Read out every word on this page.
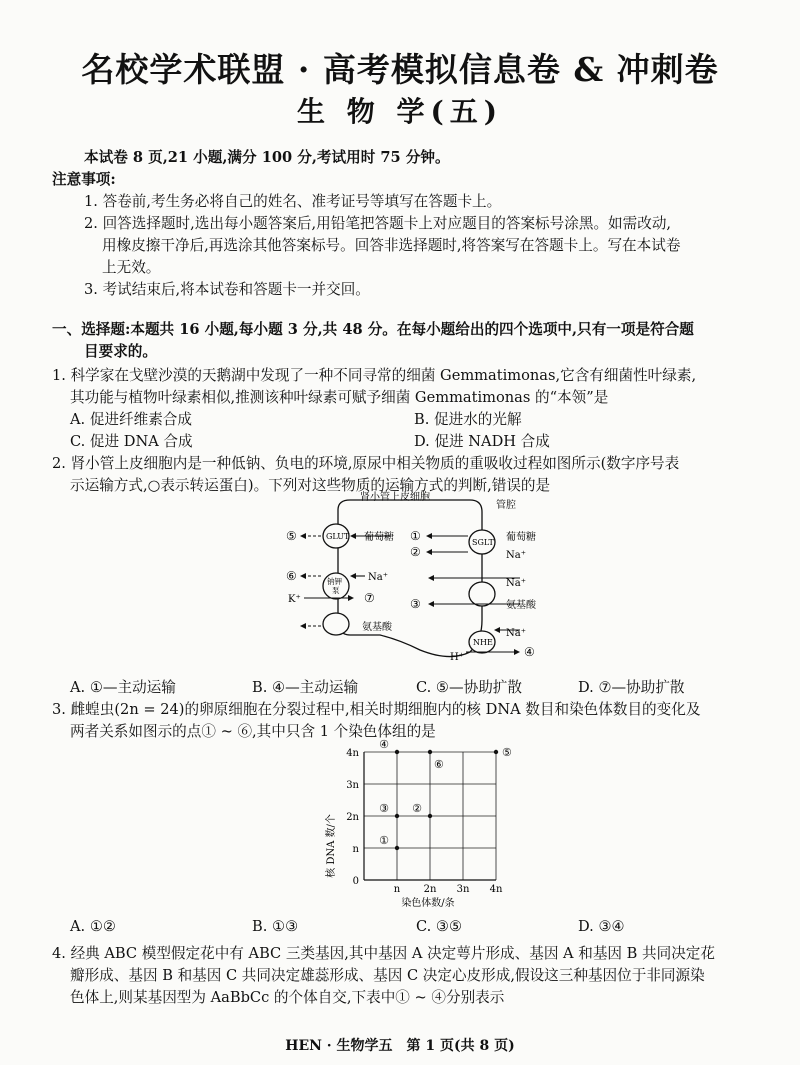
名校学术联盟 · 高考模拟信息卷 & 冲刺卷
生 物 学(五)
本试卷 8 页,21 小题,满分 100 分,考试用时 75 分钟。
注意事项:
1. 答卷前,考生务必将自己的姓名、准考证号等填写在答题卡上。
2. 回答选择题时,选出每小题答案后,用铅笔把答题卡上对应题目的答案标号涂黑。如需改动,
用橡皮擦干净后,再选涂其他答案标号。回答非选择题时,将答案写在答题卡上。写在本试卷
上无效。
3. 考试结束后,将本试卷和答题卡一并交回。
一、选择题:本题共 16 小题,每小题 3 分,共 48 分。在每小题给出的四个选项中,只有一项是符合题
目要求的。
1. 科学家在戈壁沙漠的天鹅湖中发现了一种不同寻常的细菌 Gemmatimonas,它含有细菌性叶绿素,
其功能与植物叶绿素相似,推测该种叶绿素可赋予细菌 Gemmatimonas 的“本领”是
A. 促进纤维素合成	B. 促进水的光解
C. 促进 DNA 合成	D. 促进 NADH 合成
2. 肾小管上皮细胞内是一种低钠、负电的环境,原尿中相关物质的重吸收过程如图所示(数字序号表
示运输方式,○表示转运蛋白)。下列对这些物质的运输方式的判断,错误的是
肾小管上皮细胞
管腔
GLUT
SGLT
钠钾
泵
NHE
⑤	葡萄糖 ①	葡萄糖
②	Na⁺
⑥	Na⁺
Na⁺
K⁺	⑦	③	氨基酸
氨基酸
Na⁺
H⁺	④
A. ①—主动运输	B. ④—主动运输	C. ⑤—协助扩散	D. ⑦—协助扩散
3. 雌蝗虫(2n = 24)的卵原细胞在分裂过程中,相关时期细胞内的核 DNA 数目和染色体数目的变化及
两者关系如图示的点① ~ ⑥,其中只含 1 个染色体组的是
n 2n 3n 4n
0
n
2n
3n
4n
①
②
③
④
⑤
⑥
核 DNA 数/个
染色体数/条
A. ①②	B. ①③	C. ③⑤	D. ③④
4. 经典 ABC 模型假定花中有 ABC 三类基因,其中基因 A 决定萼片形成、基因 A 和基因 B 共同决定花
瓣形成、基因 B 和基因 C 共同决定雄蕊形成、基因 C 决定心皮形成,假设这三种基因位于非同源染
色体上,则某基因型为 AaBbCc 的个体自交,下表中① ~ ④分别表示
HEN · 生物学五　第 1 页(共 8 页)
